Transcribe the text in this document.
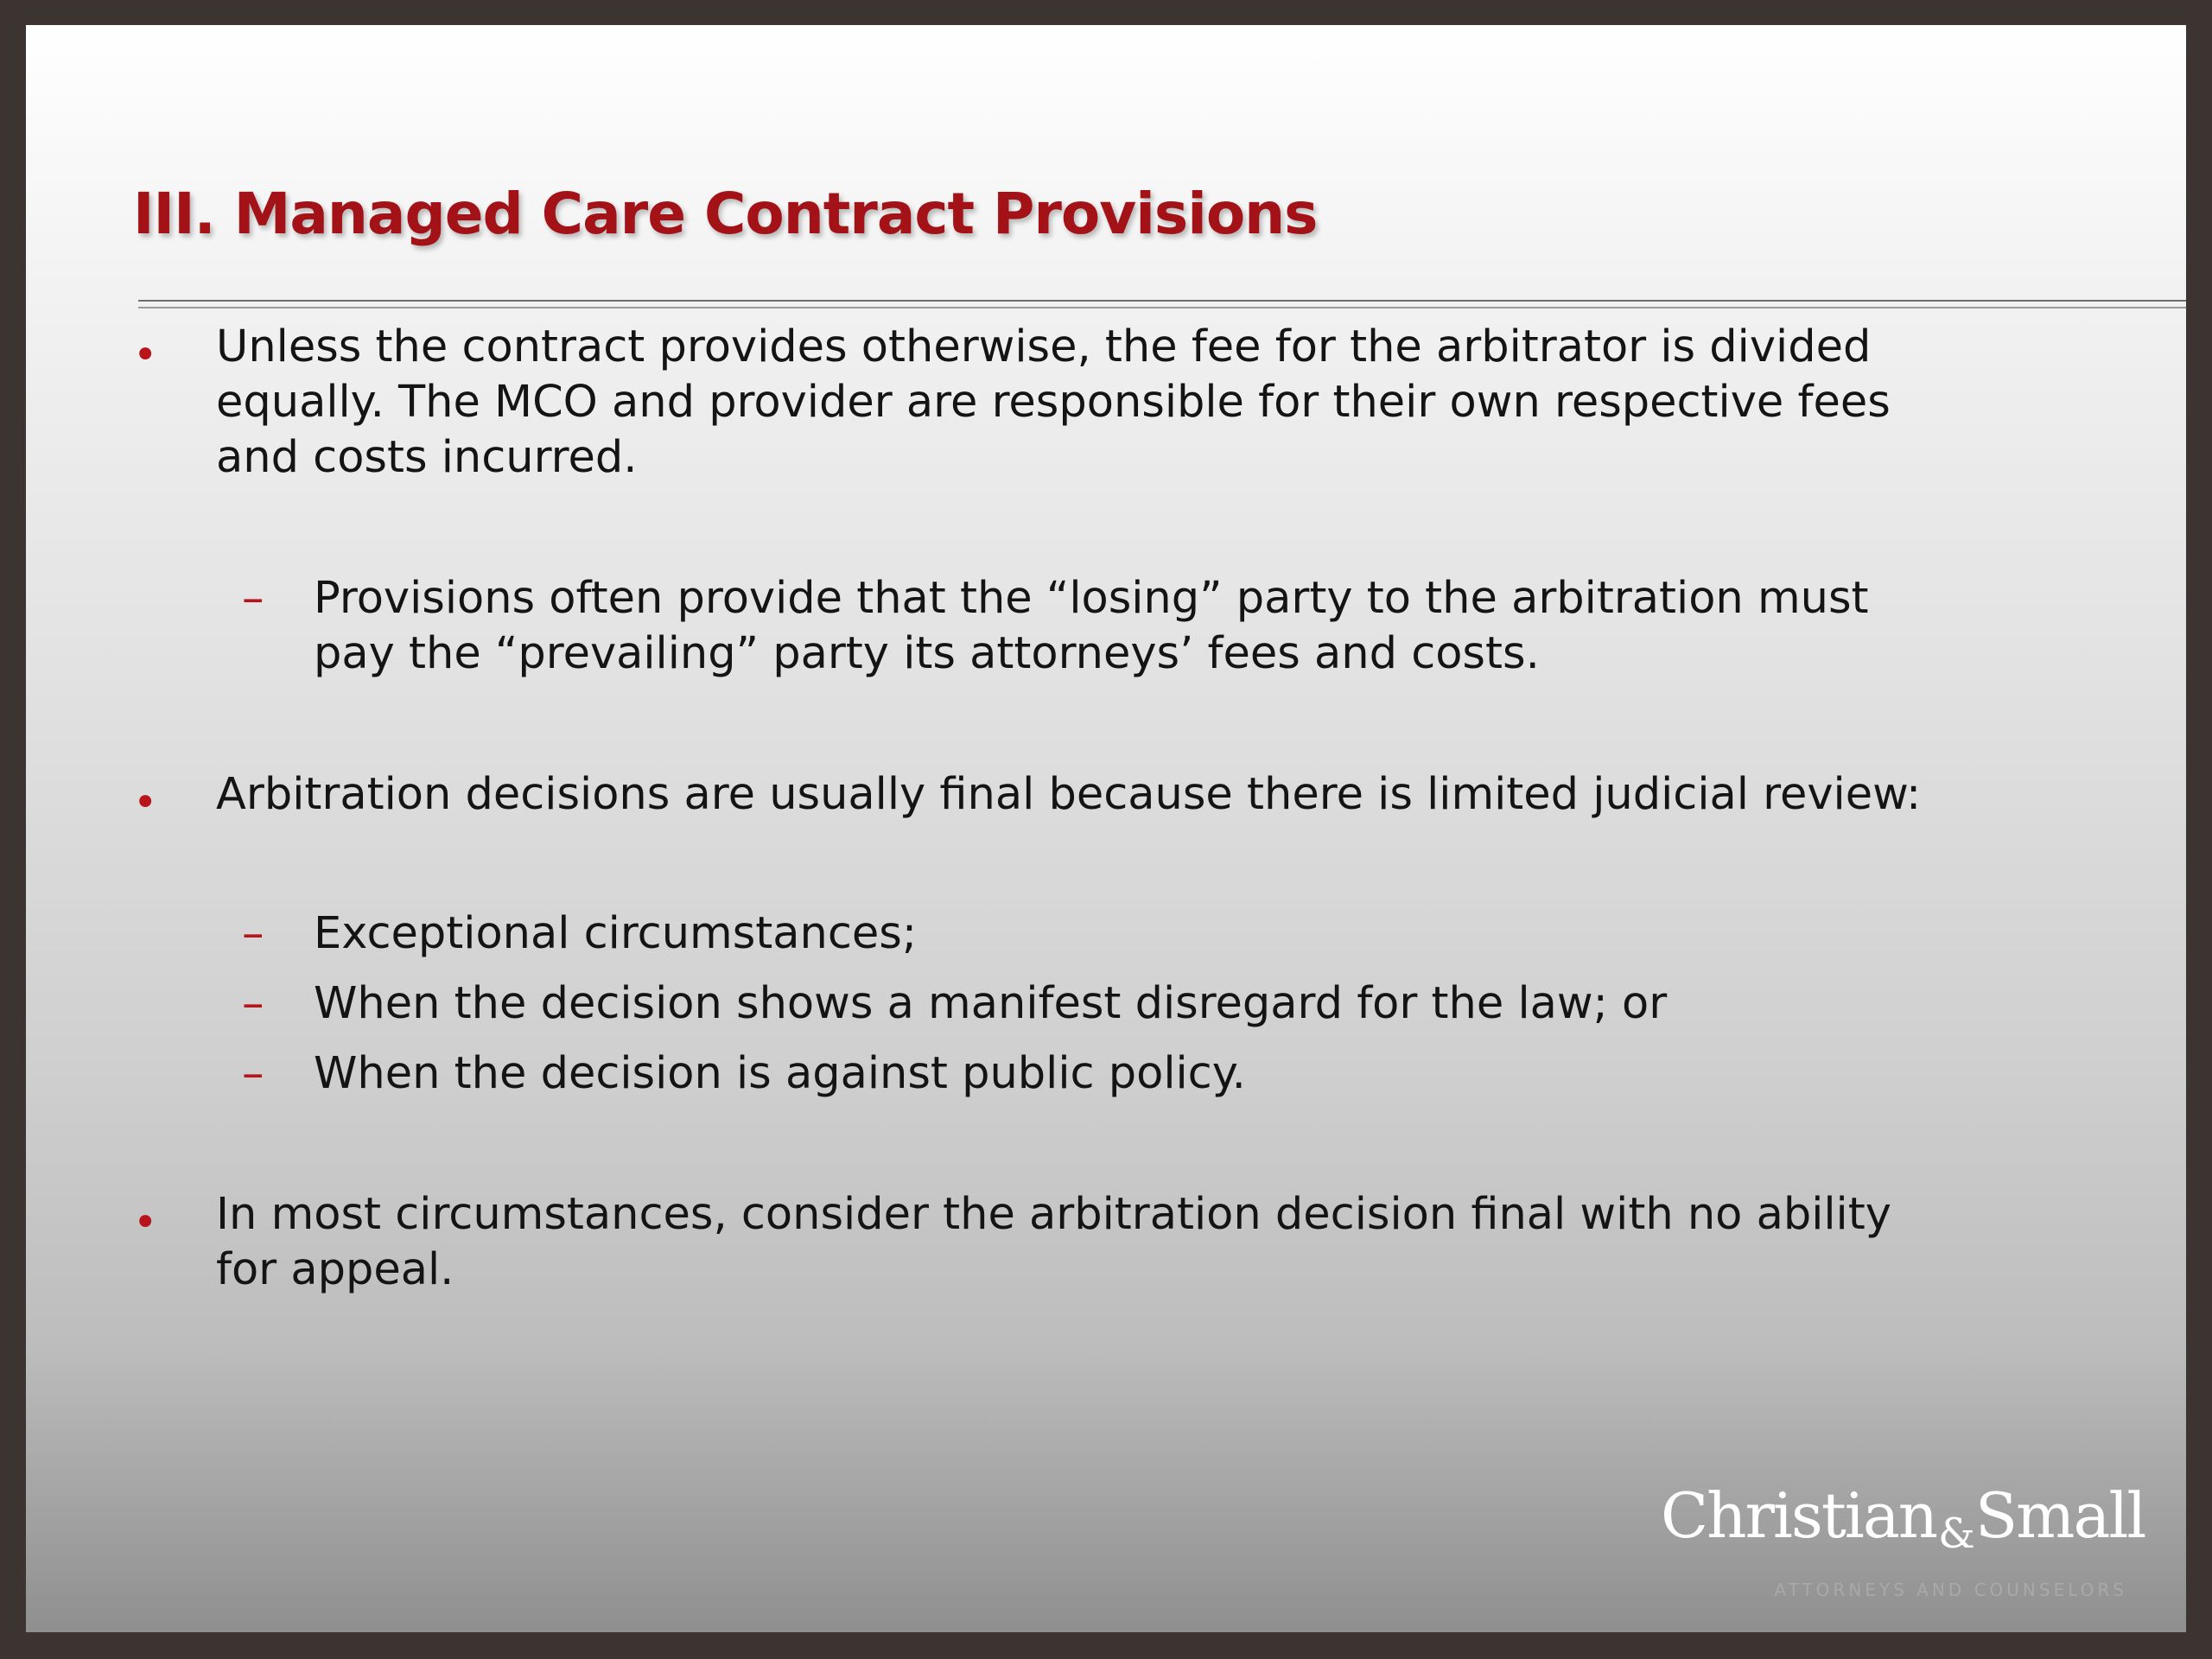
III. Managed Care Contract Provisions
• Unless the contract provides otherwise, the fee for the arbitrator is divided
equally. The MCO and provider are responsible for their own respective fees
and costs incurred.
– Provisions often provide that the “losing” party to the arbitration must
pay the “prevailing” party its attorneys’ fees and costs.
• Arbitration decisions are usually final because there is limited judicial review:
– Exceptional circumstances;
– When the decision shows a manifest disregard for the law; or
– When the decision is against public policy.
• In most circumstances, consider the arbitration decision final with no ability
for appeal.
Christian&Small
ATTORNEYS AND COUNSELORS
